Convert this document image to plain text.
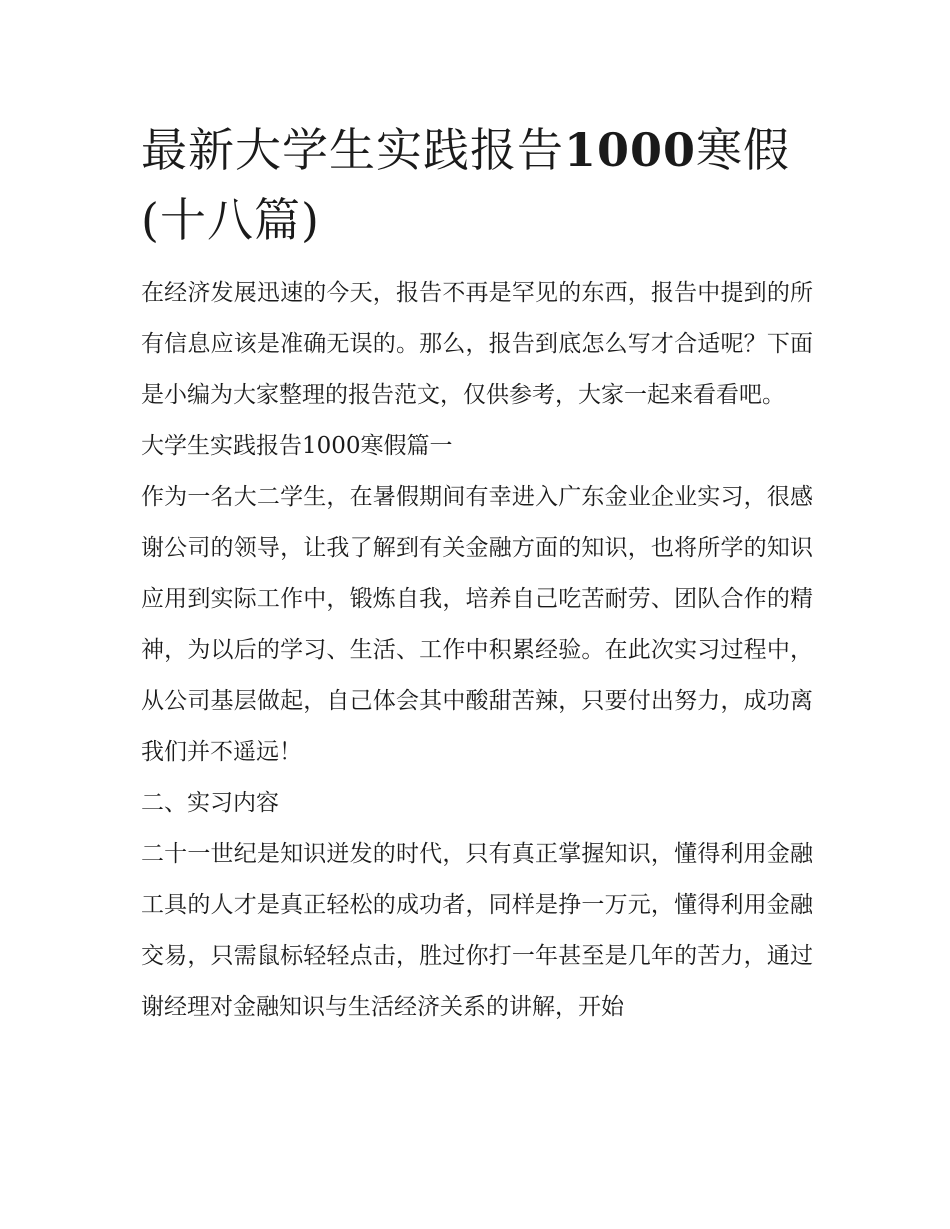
最新大学生实践报告1000寒假(十八篇)

在经济发展迅速的今天，报告不再是罕见的东西，报告中提到的所有信息应该是准确无误的。那么，报告到底怎么写才合适呢？下面是小编为大家整理的报告范文，仅供参考，大家一起来看看吧。

大学生实践报告1000寒假篇一

作为一名大二学生，在暑假期间有幸进入广东金业企业实习，很感谢公司的领导，让我了解到有关金融方面的知识，也将所学的知识应用到实际工作中，锻炼自我，培养自己吃苦耐劳、团队合作的精神，为以后的学习、生活、工作中积累经验。在此次实习过程中，从公司基层做起，自己体会其中酸甜苦辣，只要付出努力，成功离我们并不遥远！

二、实习内容

二十一世纪是知识迸发的时代，只有真正掌握知识，懂得利用金融工具的人才是真正轻松的成功者，同样是挣一万元，懂得利用金融交易，只需鼠标轻轻点击，胜过你打一年甚至是几年的苦力，通过谢经理对金融知识与生活经济关系的讲解，开始
